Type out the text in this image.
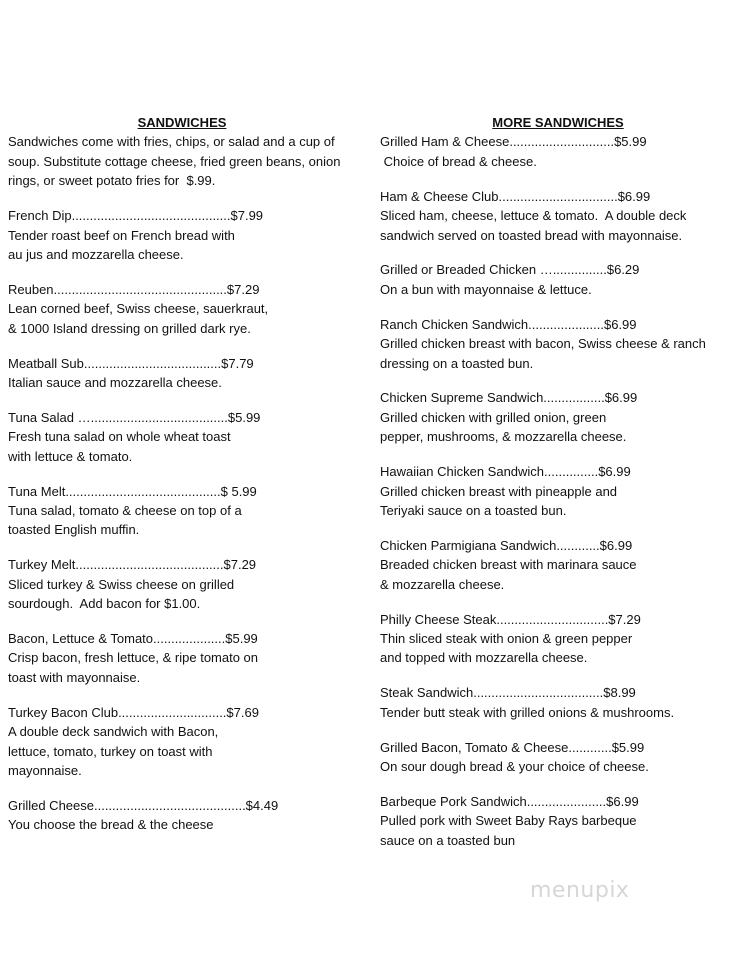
SANDWICHES
Sandwiches come with fries, chips, or salad and a cup of
soup. Substitute cottage cheese, fried green beans, onion
rings, or sweet potato fries for  $.99.
French Dip............................................$7.99
Tender roast beef on French bread with
au jus and mozzarella cheese.
Reuben................................................$7.29
Lean corned beef, Swiss cheese, sauerkraut,
& 1000 Island dressing on grilled dark rye.
Meatball Sub......................................$7.79
Italian sauce and mozzarella cheese.
Tuna Salad …......................................$5.99
Fresh tuna salad on whole wheat toast
with lettuce & tomato.
Tuna Melt...........................................$ 5.99
Tuna salad, tomato & cheese on top of a
toasted English muffin.
Turkey Melt.........................................$7.29
Sliced turkey & Swiss cheese on grilled
sourdough.  Add bacon for $1.00.
Bacon, Lettuce & Tomato....................$5.99
Crisp bacon, fresh lettuce, & ripe tomato on
toast with mayonnaise.
Turkey Bacon Club..............................$7.69
A double deck sandwich with Bacon,
lettuce, tomato, turkey on toast with
mayonnaise.
Grilled Cheese..........................................$4.49
You choose the bread & the cheese
MORE SANDWICHES
Grilled Ham & Cheese.............................$5.99
Choice of bread & cheese.
Ham & Cheese Club.................................$6.99
Sliced ham, cheese, lettuce & tomato.  A double deck
sandwich served on toasted bread with mayonnaise.
Grilled or Breaded Chicken …...............$6.29
On a bun with mayonnaise & lettuce.
Ranch Chicken Sandwich.....................$6.99
Grilled chicken breast with bacon, Swiss cheese & ranch
dressing on a toasted bun.
Chicken Supreme Sandwich.................$6.99
Grilled chicken with grilled onion, green
pepper, mushrooms, & mozzarella cheese.
Hawaiian Chicken Sandwich...............$6.99
Grilled chicken breast with pineapple and
Teriyaki sauce on a toasted bun.
Chicken Parmigiana Sandwich............$6.99
Breaded chicken breast with marinara sauce
& mozzarella cheese.
Philly Cheese Steak...............................$7.29
Thin sliced steak with onion & green pepper
and topped with mozzarella cheese.
Steak Sandwich....................................$8.99
Tender butt steak with grilled onions & mushrooms.
Grilled Bacon, Tomato & Cheese............$5.99
On sour dough bread & your choice of cheese.
Barbeque Pork Sandwich......................$6.99
Pulled pork with Sweet Baby Rays barbeque
sauce on a toasted bun
menupix
